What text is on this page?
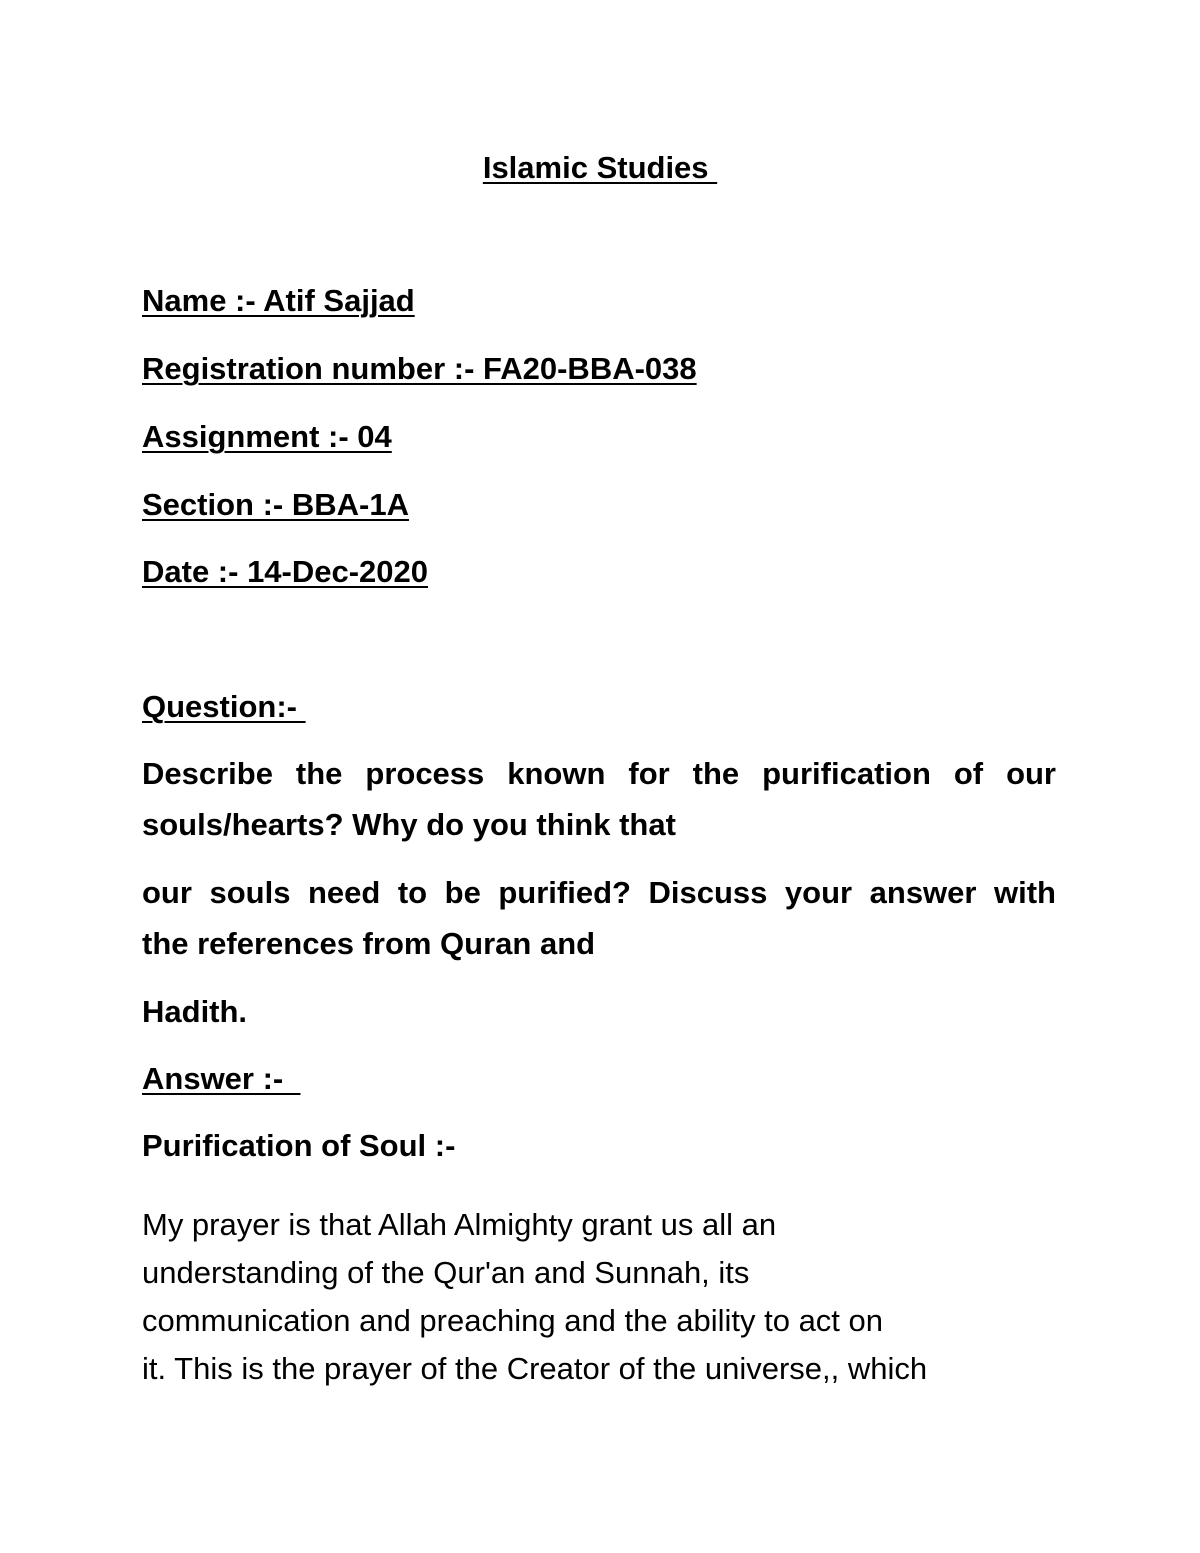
Islamic Studies

Name :- Atif Sajjad

Registration number :- FA20-BBA-038

Assignment :- 04

Section :- BBA-1A

Date :- 14-Dec-2020

Question:-

Describe the process known for the purification of our

souls/hearts? Why do you think that

our souls need to be purified? Discuss your answer with

the references from Quran and

Hadith.

Answer :-

Purification of Soul :-

My prayer is that Allah Almighty grant us all an

understanding of the Qur'an and Sunnah, its

communication and preaching and the ability to act on

it. This is the prayer of the Creator of the universe,, which
